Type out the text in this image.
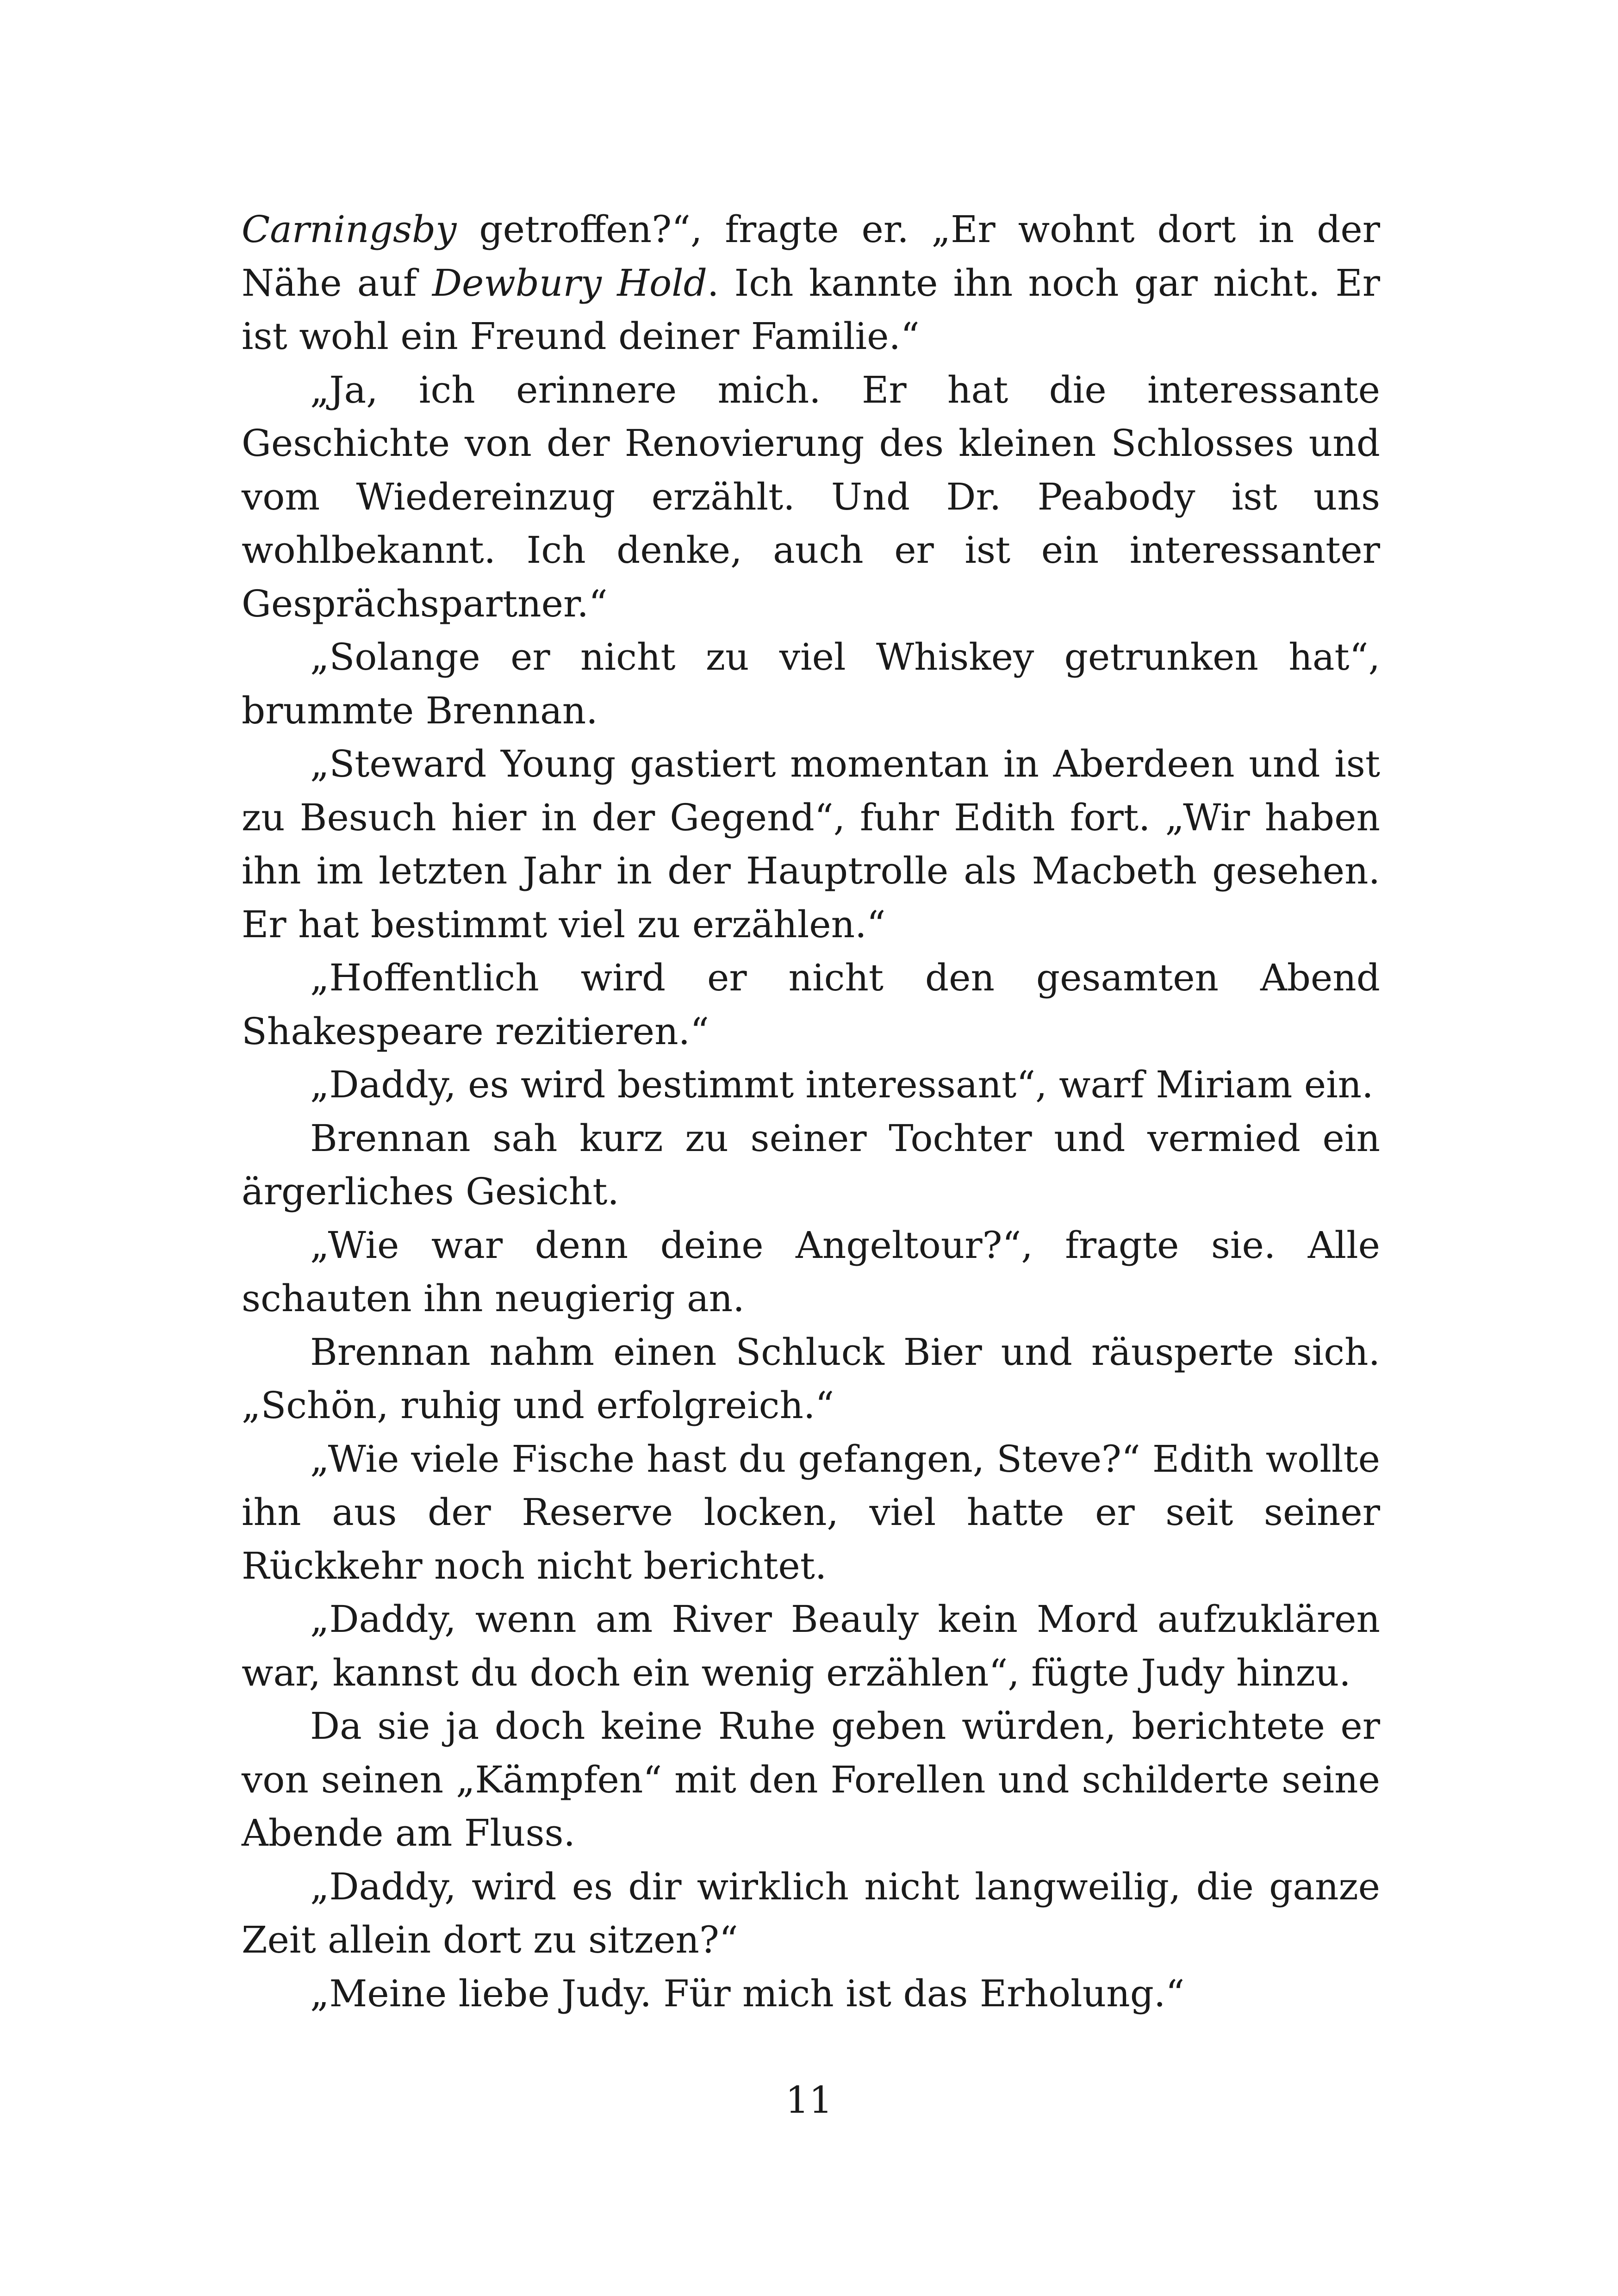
Carningsby getroffen?“, fragte er. „Er wohnt dort in der Nähe auf Dewbury Hold. Ich kannte ihn noch gar nicht. Er ist wohl ein Freund deiner Familie.“

„Ja, ich erinnere mich. Er hat die interessante Geschichte von der Renovierung des kleinen Schlosses und vom Wiedereinzug erzählt. Und Dr. Peabody ist uns wohlbekannt. Ich denke, auch er ist ein interessanter Gesprächspartner.“

„Solange er nicht zu viel Whiskey getrunken hat“, brummte Brennan.

„Steward Young gastiert momentan in Aberdeen und ist zu Besuch hier in der Gegend“, fuhr Edith fort. „Wir haben ihn im letzten Jahr in der Hauptrolle als Macbeth gesehen. Er hat bestimmt viel zu erzählen.“

„Hoffentlich wird er nicht den gesamten Abend Shakespeare rezitieren.“

„Daddy, es wird bestimmt interessant“, warf Miriam ein.

Brennan sah kurz zu seiner Tochter und vermied ein ärgerliches Gesicht.

„Wie war denn deine Angeltour?“, fragte sie. Alle schauten ihn neugierig an.

Brennan nahm einen Schluck Bier und räusperte sich. „Schön, ruhig und erfolgreich.“

„Wie viele Fische hast du gefangen, Steve?“ Edith wollte ihn aus der Reserve locken, viel hatte er seit seiner Rückkehr noch nicht berichtet.

„Daddy, wenn am River Beauly kein Mord aufzuklären war, kannst du doch ein wenig erzählen“, fügte Judy hinzu.

Da sie ja doch keine Ruhe geben würden, berichtete er von seinen „Kämpfen“ mit den Forellen und schilderte seine Abende am Fluss.

„Daddy, wird es dir wirklich nicht langweilig, die ganze Zeit allein dort zu sitzen?“

„Meine liebe Judy. Für mich ist das Erholung.“

11
